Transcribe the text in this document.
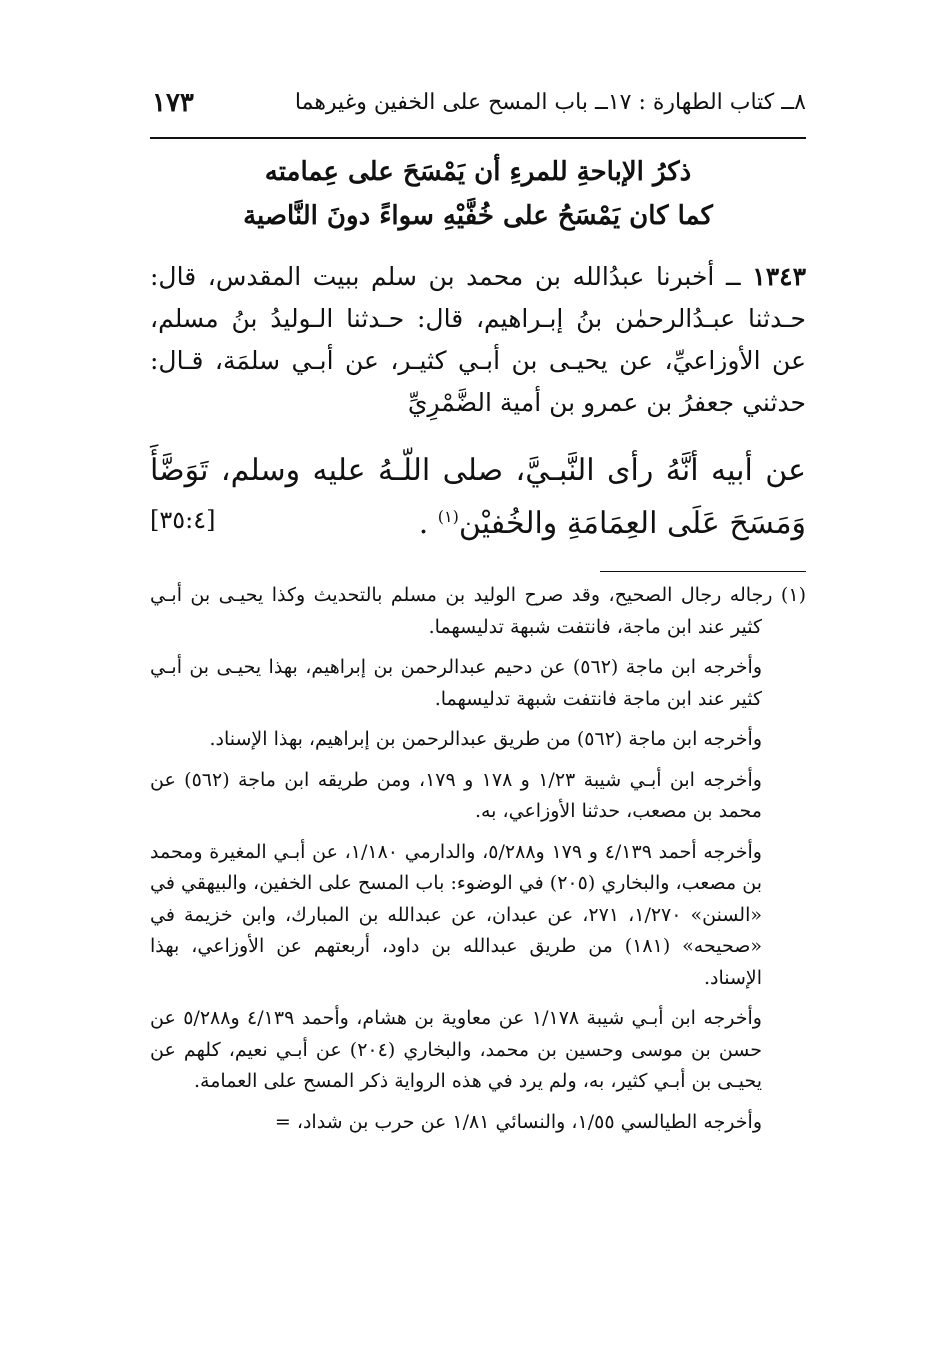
٨ــ كتاب الطهارة : ١٧ــ باب المسح على الخفين وغيرهما
١٧٣
ذكرُ الإباحةِ للمرءِ أن يَمْسَحَ على عِمامته
كما كان يَمْسَحُ على خُفَّيْهِ سواءً دونَ النَّاصية

١٣٤٣ ــ أخبرنا عبدُالله بن محمد بن سلم ببيت المقدس، قال: حـدثنا عبـدُالرحمٰن بنُ إبـراهيم، قال: حـدثنا الـوليدُ بنُ مسلم، عن الأوزاعيِّ، عن يحيـى بن أبـي كثيـر، عن أبـي سلمَة، قـال: حدثني جعفرُ بن عمرو بن أمية الضَّمْرِيِّ

عن أبيه أنَّهُ رأى النَّبـيَّ، صلى اللّـهُ عليه وسلم، تَوَضَّأَ وَمَسَحَ عَلَى العِمَامَةِ والخُفيْن$^{(١)}$ .
[٣٥:٤]

(١) رجاله رجال الصحيح، وقد صرح الوليد بن مسلم بالتحديث وكذا يحيـى بن أبـي كثير عند ابن ماجة، فانتفت شبهة تدليسهما.

وأخرجه ابن ماجة (٥٦٢) عن دحيم عبدالرحمن بن إبراهيم، بهذا يحيـى بن أبـي كثير عند ابن ماجة فانتفت شبهة تدليسهما.

وأخرجه ابن ماجة (٥٦٢) من طريق عبدالرحمن بن إبراهيم، بهذا الإسناد.

وأخرجه ابن أبـي شيبة ١/٢٣ و ١٧٨ و ١٧٩، ومن طريقه ابن ماجة (٥٦٢) عن محمد بن مصعب، حدثنا الأوزاعي، به.

وأخرجه أحمد ٤/١٣٩ و ١٧٩ و٥/٢٨٨، والدارمي ١/١٨٠، عن أبـي المغيرة ومحمد بن مصعب، والبخاري (٢٠٥) في الوضوء: باب المسح على الخفين، والبيهقي في «السنن» ١/٢٧٠، ٢٧١، عن عبدان، عن عبدالله بن المبارك، وابن خزيمة في «صحيحه» (١٨١) من طريق عبدالله بن داود، أربعتهم عن الأوزاعي، بهذا الإسناد.

وأخرجه ابن أبـي شيبة ١/١٧٨ عن معاوية بن هشام، وأحمد ٤/١٣٩ و٥/٢٨٨ عن حسن بن موسى وحسين بن محمد، والبخاري (٢٠٤) عن أبـي نعيم، كلهم عن يحيـى بن أبـي كثير، به، ولم يرد في هذه الرواية ذكر المسح على العمامة.

وأخرجه الطيالسي ١/٥٥، والنسائي ١/٨١ عن حرب بن شداد، =
